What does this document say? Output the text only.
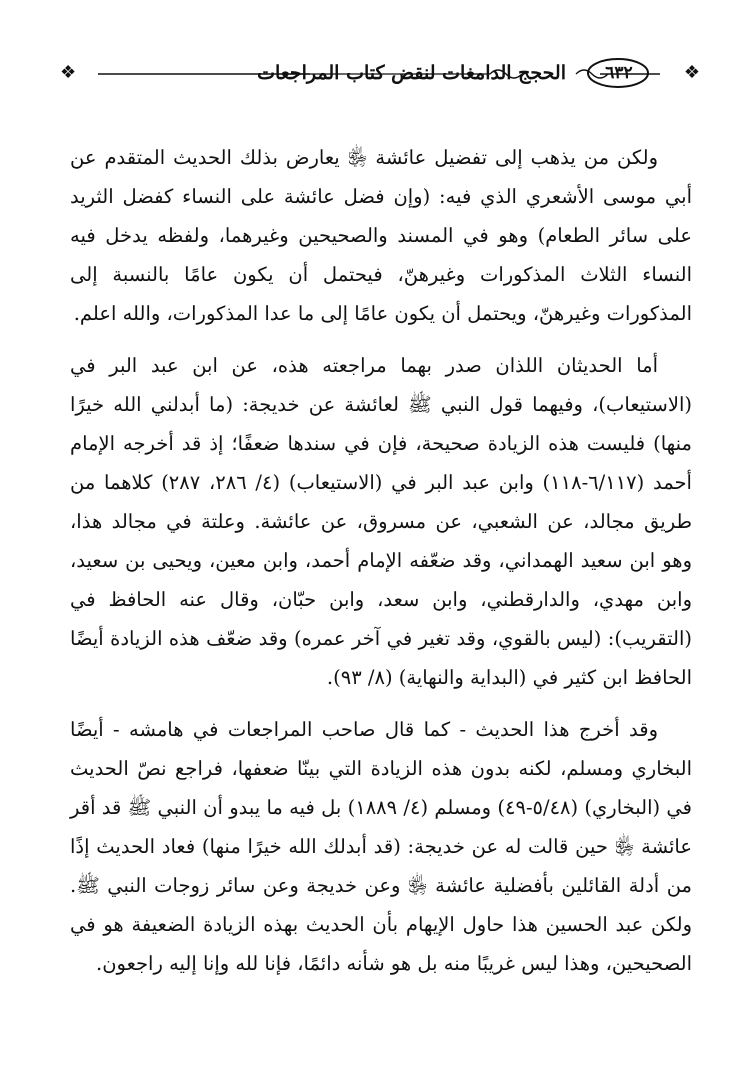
❖	الحجج الدامغات لنقض كتاب المراجعات	٦٣٢	❖

ولكن من يذهب إلى تفضيل عائشة ﵂ يعارض بذلك الحديث المتقدم عن أبي موسى الأشعري الذي فيه: (وإن فضل عائشة على النساء كفضل الثريد على سائر الطعام) وهو في المسند والصحيحين وغيرهما، ولفظه يدخل فيه النساء الثلاث المذكورات وغيرهنّ، فيحتمل أن يكون عامًا بالنسبة إلى المذكورات وغيرهنّ، ويحتمل أن يكون عامًا إلى ما عدا المذكورات، والله اعلم.

أما الحديثان اللذان صدر بهما مراجعته هذه، عن ابن عبد البر في (الاستيعاب)، وفيهما قول النبي ﷺ لعائشة عن خديجة: (ما أبدلني الله خيرًا منها) فليست هذه الزيادة صحيحة، فإن في سندها ضعفًا؛ إذ قد أخرجه الإمام أحمد (٦/١١٧-١١٨) وابن عبد البر في (الاستيعاب) (٤/ ٢٨٦، ٢٨٧) كلاهما من طريق مجالد، عن الشعبي، عن مسروق، عن عائشة. وعلتة في مجالد هذا، وهو ابن سعيد الهمداني، وقد ضعّفه الإمام أحمد، وابن معين، ويحيى بن سعيد، وابن مهدي، والدارقطني، وابن سعد، وابن حبّان، وقال عنه الحافظ في (التقريب): (ليس بالقوي، وقد تغير في آخر عمره) وقد ضعّف هذه الزيادة أيضًا الحافظ ابن كثير في (البداية والنهاية) (٨/ ٩٣).

وقد أخرج هذا الحديث - كما قال صاحب المراجعات في هامشه - أيضًا البخاري ومسلم، لكنه بدون هذه الزيادة التي بينّا ضعفها، فراجع نصّ الحديث في (البخاري) (٥/٤٨-٤٩) ومسلم (٤/ ١٨٨٩) بل فيه ما يبدو أن النبي ﷺ قد أقر عائشة ﵂ حين قالت له عن خديجة: (قد أبدلك الله خيرًا منها) فعاد الحديث إذًا من أدلة القائلين بأفضلية عائشة ﵂ وعن خديجة وعن سائر زوجات النبي ﷺ. ولكن عبد الحسين هذا حاول الإيهام بأن الحديث بهذه الزيادة الضعيفة هو في الصحيحين، وهذا ليس غريبًا منه بل هو شأنه دائمًا، فإنا لله وإنا إليه راجعون.
